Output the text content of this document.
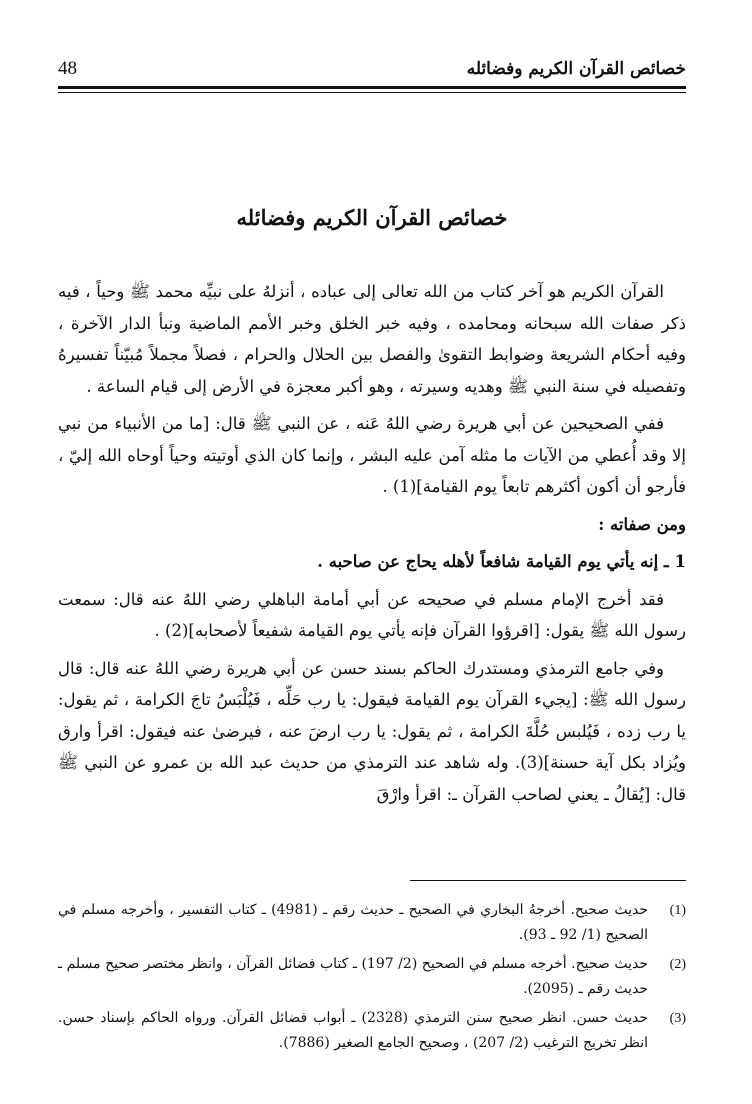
48	خصائص القرآن الكريم وفضائله
خصائص القرآن الكريم وفضائله

القرآن الكريم هو آخر كتاب من الله تعالى إلى عباده ، أنزلهُ على نبيِّه محمد ﷺ وحياً ، فيه ذكر صفات الله سبحانه ومحامده ، وفيه خبر الخلق وخبر الأمم الماضية ونبأ الدار الآخرة ، وفيه أحكام الشريعة وضوابط التقوىٰ والفصل بين الحلال والحرام ، فصلاً مجملاً مُبيّناً تفسيرهُ وتفصيله في سنة النبي ﷺ وهديه وسيرته ، وهو أكبر معجزة في الأرض إلى قيام الساعة .

ففي الصحيحين عن أبي هريرة رضي اللهُ عَنه ، عن النبي ﷺ قال: [ما من الأنبياء من نبي إلا وقد أُعطي من الآيات ما مثله آمن عليه البشر ، وإنما كان الذي أوتيته وحياً أوحاه الله إليّ ، فأرجو أن أكون أكثرهم تابعاً يوم القيامة](1) .

ومن صفاته :

1 ـ إنه يأتي يوم القيامة شافعاً لأهله يحاج عن صاحبه .

فقد أخرج الإمام مسلم في صحيحه عن أبي أمامة الباهلي رضي اللهُ عنه قال: سمعت رسول الله ﷺ يقول: [اقرؤوا القرآن فإنه يأتي يوم القيامة شفيعاً لأصحابه](2) .

وفي جامع الترمذي ومستدرك الحاكم بسند حسن عن أبي هريرة رضي اللهُ عنه قال: قال رسول الله ﷺ: [يجيء القرآن يوم القيامة فيقول: يا رب حَلِّه ، فَيُلْبَسُ تاجَ الكرامة ، ثم يقول: يا رب زده ، فَيُلبس حُلَّةَ الكرامة ، ثم يقول: يا رب ارضَ عنه ، فيرضىٰ عنه فيقول: اقرأ وارق ويُزاد بكل آية حسنة](3). وله شاهد عند الترمذي من حديث عبد الله بن عمرو عن النبي ﷺ قال: [يُقالُ ـ يعني لصاحب القرآن ـ: اقرأ وارْقَ

(1)
حديث صحيح. أخرجهُ البخاري في الصحيح ـ حديث رقم ـ (4981) ـ كتاب التفسير ، وأخرجه مسلم في الصحيح (1/ 92 ـ 93).
(2)
حديث صحيح. أخرجه مسلم في الصحيح (2/ 197) ـ كتاب فضائل القرآن ، وانظر مختصر صحيح مسلم ـ حديث رقم ـ (2095).
(3)
حديث حسن. انظر صحيح سنن الترمذي (2328) ـ أبواب فضائل القرآن. ورواه الحاكم بإسناد حسن. انظر تخريج الترغيب (2/ 207) ، وصحيح الجامع الصغير (7886).
